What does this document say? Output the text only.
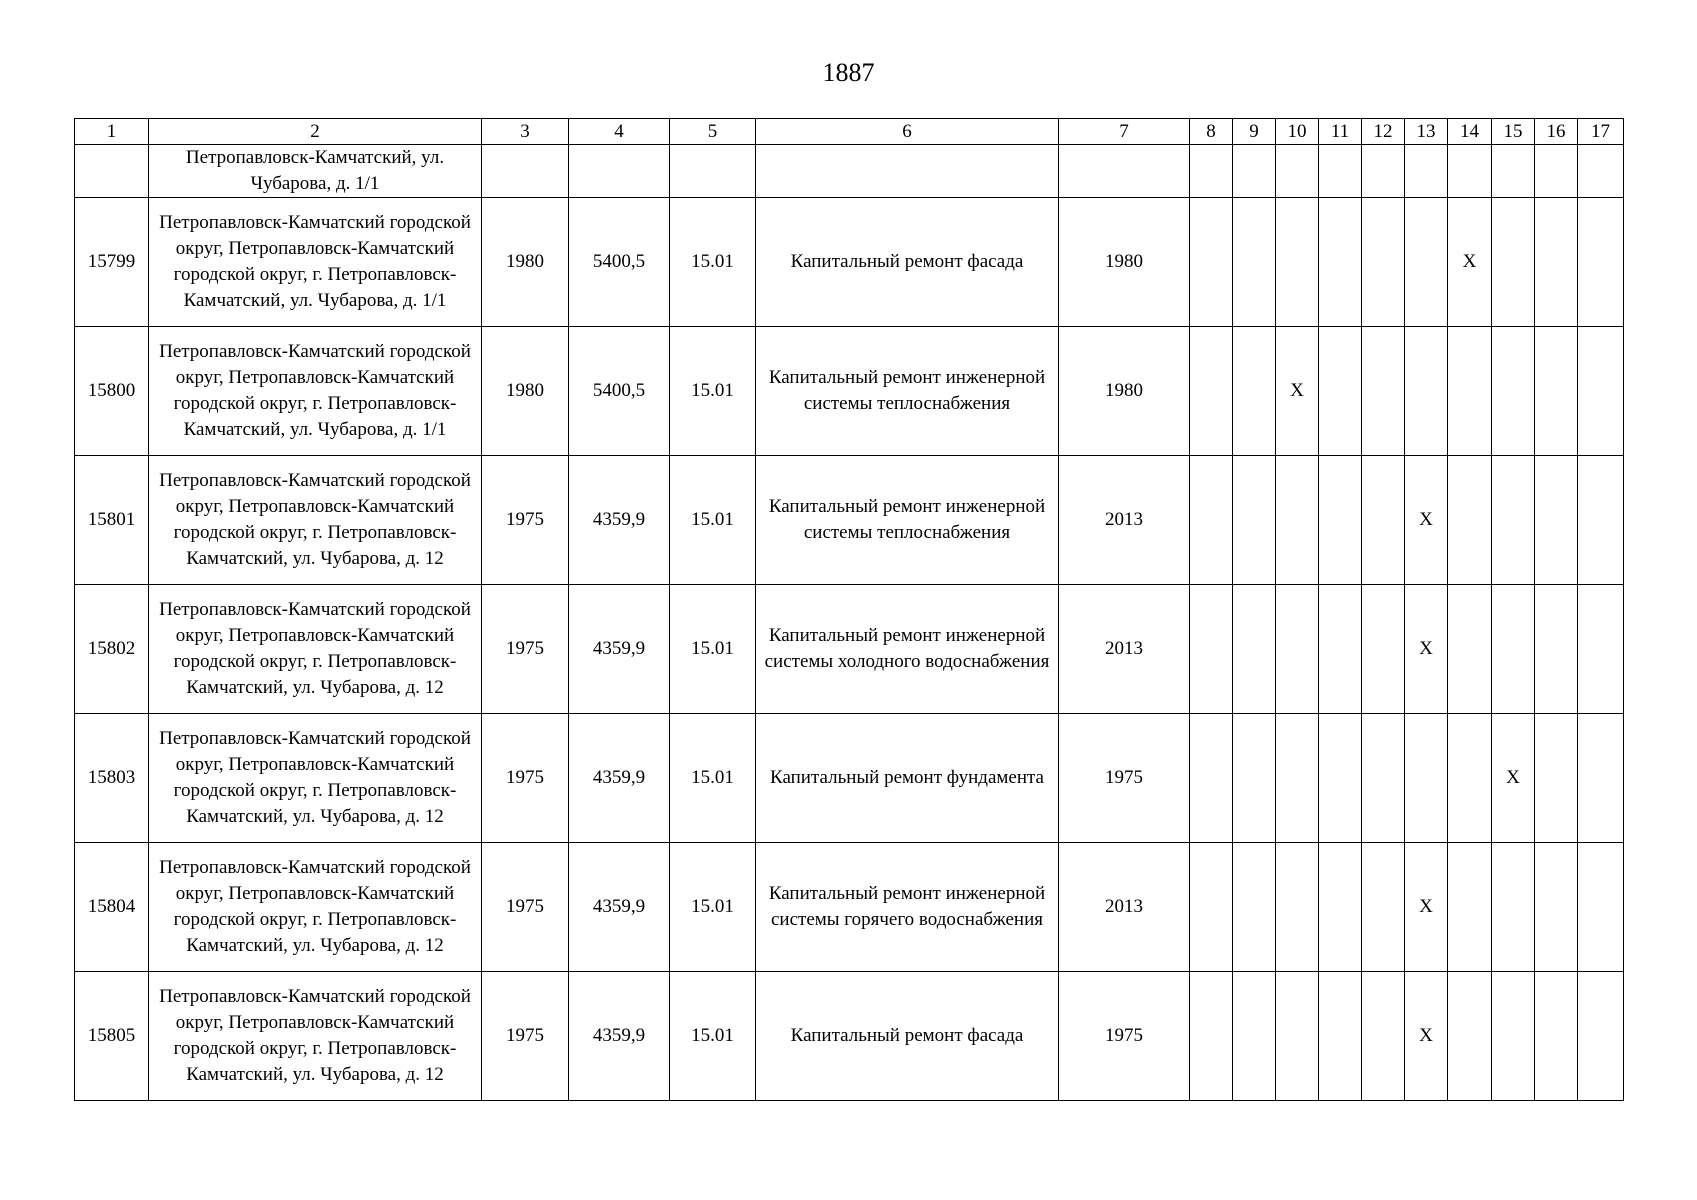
1887
1	2	3	4	5	6	7	8	9	10	11	12	13	14	15	16	17
	Петропавловск-Камчатский, ул. Чубарова, д. 1/1															
15799	Петропавловск-Камчатский городской округ, Петропавловск-Камчатский городской округ, г. Петропавловск-Камчатский, ул. Чубарова, д. 1/1	1980	5400,5	15.01	Капитальный ремонт фасада	1980							X			
15800	Петропавловск-Камчатский городской округ, Петропавловск-Камчатский городской округ, г. Петропавловск-Камчатский, ул. Чубарова, д. 1/1	1980	5400,5	15.01	Капитальный ремонт инженерной системы теплоснабжения	1980			X							
15801	Петропавловск-Камчатский городской округ, Петропавловск-Камчатский городской округ, г. Петропавловск-Камчатский, ул. Чубарова, д. 12	1975	4359,9	15.01	Капитальный ремонт инженерной системы теплоснабжения	2013						X				
15802	Петропавловск-Камчатский городской округ, Петропавловск-Камчатский городской округ, г. Петропавловск-Камчатский, ул. Чубарова, д. 12	1975	4359,9	15.01	Капитальный ремонт инженерной системы холодного водоснабжения	2013						X				
15803	Петропавловск-Камчатский городской округ, Петропавловск-Камчатский городской округ, г. Петропавловск-Камчатский, ул. Чубарова, д. 12	1975	4359,9	15.01	Капитальный ремонт фундамента	1975								X		
15804	Петропавловск-Камчатский городской округ, Петропавловск-Камчатский городской округ, г. Петропавловск-Камчатский, ул. Чубарова, д. 12	1975	4359,9	15.01	Капитальный ремонт инженерной системы горячего водоснабжения	2013						X				
15805	Петропавловск-Камчатский городской округ, Петропавловск-Камчатский городской округ, г. Петропавловск-Камчатский, ул. Чубарова, д. 12	1975	4359,9	15.01	Капитальный ремонт фасада	1975						X				
